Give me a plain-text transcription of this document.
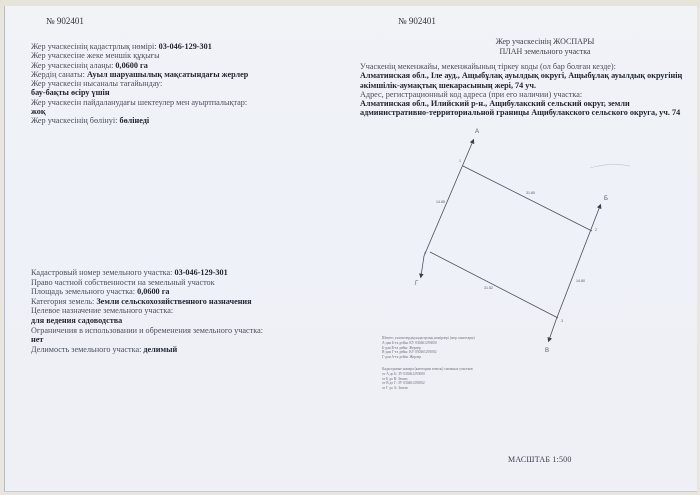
№ 902401
Жер учаскесінің кадастрлық нөмірі: 03-046-129-301
Жер учаскесіне жеке меншік құқығы
Жер учаскесінің алаңы: 0,0600 га
Жердің санаты: Ауыл шаруашылық мақсатындағы жерлер
Жер учаскесін нысаналы тағайындау:
бау-бақты өсіру үшін
Жер учаскесін пайдаланудағы шектеулер мен ауыртпалықтар:
жоқ
Жер учаскесінің бөлінуі: бөлінеді
Кадастровый номер земельного участка: 03-046-129-301
Право частной собственности на земельный участок
Площадь земельного участка: 0,0600 га
Категория земель: Земли сельскохозяйственного назначения
Целевое назначение земельного участка:
для ведения садоводства
Ограничения в использовании и обременения земельного участка:
нет
Делимость земельного участка: делимый
№ 902401
Жер учаскесінің ЖОСПАРЫ
ПЛАН земельного участка
Учаскенің мекенжайы, мекенжайының тіркеу коды (ол бар болған кезде):
Алматинская обл., Іле ауд., Ащыбұлақ ауылдық округі, Ащыбұлақ ауылдық округінің
әкімшілік-аумақтық шекарасының жері, 74 уч.
Адрес, регистрационный код адреса (при его наличии) участка:
Алматинская обл., Илийский р-н., Ащибулакский сельский округ, земли
административно-территориальной границы Ащибулакского сельского округа, уч. 74
А
Б
В
Г
1
2
3
4
14.85
31.80
31.52
14.80
Шектес учаскелердің кадастрлық нөмірлері (жер санаттары)
А-дан Б-ға дейін: КУ 030461293000
Б-дан В-ға дейін: Жерлер
В-дан Г-ға дейін: КУ 030461293002
Г-дан А-ға дейін: Жерлер
Кадастровые номера (категории земель) смежных участков
от А до Б: ЗУ 030461293000
от Б до В: Земли
от В до Г: ЗУ 030461293002
от Г до А: Земли
МАСШТАБ 1:500
